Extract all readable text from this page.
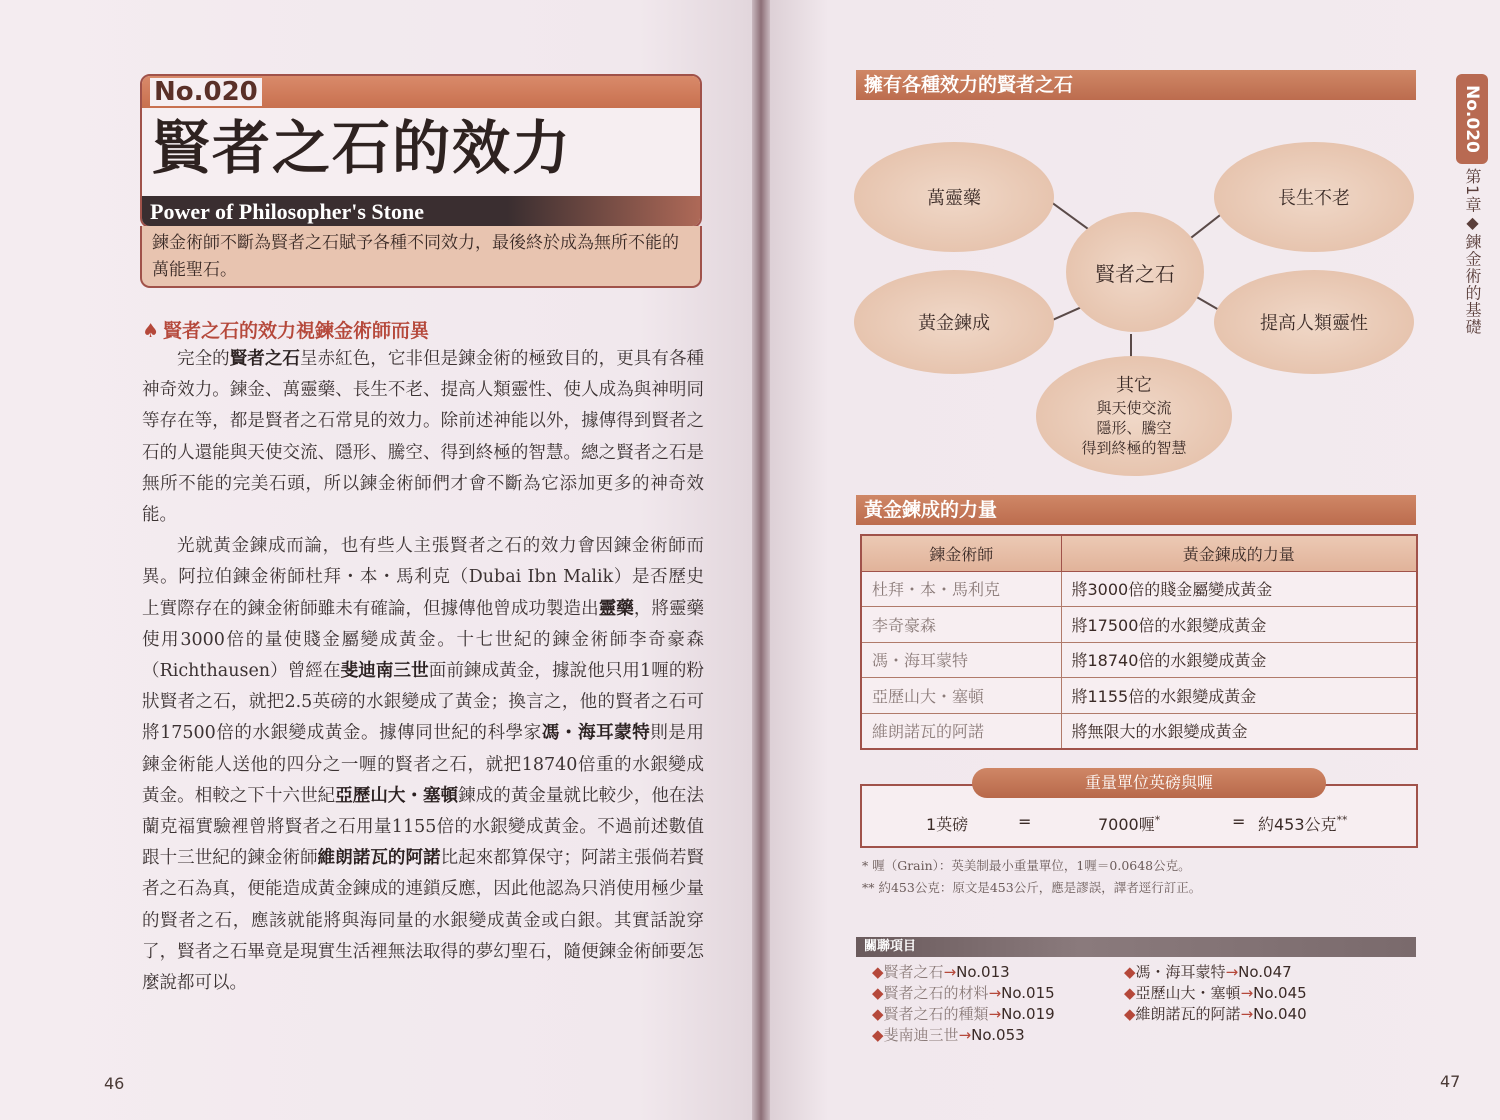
No.020
賢者之石的效力
Power of Philosopher's Stone
鍊金術師不斷為賢者之石賦予各種不同效力，最後終於成為無所不能的萬能聖石。
♠ 賢者之石的效力視鍊金術師而異

完全的賢者之石呈赤紅色，它非但是鍊金術的極致目的，更具有各種神奇效力。鍊金、萬靈藥、長生不老、提高人類靈性、使人成為與神明同等存在等，都是賢者之石常見的效力。除前述神能以外，據傳得到賢者之石的人還能與天使交流、隱形、騰空、得到終極的智慧。總之賢者之石是無所不能的完美石頭，所以鍊金術師們才會不斷為它添加更多的神奇效能。

光就黃金鍊成而論，也有些人主張賢者之石的效力會因鍊金術師而異。阿拉伯鍊金術師杜拜・本・馬利克（Dubai Ibn Malik）是否歷史上實際存在的鍊金術師雖未有確論，但據傳他曾成功製造出靈藥，將靈藥使用3000倍的量使賤金屬變成黃金。十七世紀的鍊金術師李奇豪森（Richthausen）曾經在斐迪南三世面前鍊成黃金，據說他只用1喱的粉狀賢者之石，就把2.5英磅的水銀變成了黃金；換言之，他的賢者之石可將17500倍的水銀變成黃金。據傳同世紀的科學家馮・海耳蒙特則是用鍊金術能人送他的四分之一喱的賢者之石，就把18740倍重的水銀變成黃金。相較之下十六世紀亞歷山大・塞頓鍊成的黃金量就比較少，他在法蘭克福實驗裡曾將賢者之石用量1155倍的水銀變成黃金。不過前述數值跟十三世紀的鍊金術師維朗諾瓦的阿諾比起來都算保守；阿諾主張倘若賢者之石為真，便能造成黃金鍊成的連鎖反應，因此他認為只消使用極少量的賢者之石，應該就能將與海同量的水銀變成黃金或白銀。其實話說穿了，賢者之石畢竟是現實生活裡無法取得的夢幻聖石，隨便鍊金術師要怎麼說都可以。

46
擁有各種效力的賢者之石
萬靈藥	長生不老
賢者之石
黃金鍊成	提高人類靈性
其它
與天使交流
隱形、騰空
得到終極的智慧
黃金鍊成的力量
鍊金術師	黃金鍊成的力量
杜拜・本・馬利克	將3000倍的賤金屬變成黃金
李奇豪森	將17500倍的水銀變成黃金
馮・海耳蒙特	將18740倍的水銀變成黃金
亞歷山大・塞頓	將1155倍的水銀變成黃金
維朗諾瓦的阿諾	將無限大的水銀變成黃金
1英磅	=	7000喱*	= 約453公克**
重量單位英磅與喱
* 喱（Grain）：英美制最小重量單位，1喱＝0.0648公克。
** 約453公克：原文是453公斤，應是謬誤，譯者逕行訂正。
關聯項目
◆賢者之石→No.013
◆賢者之石的材料→No.015
◆賢者之石的種類→No.019
◆斐南迪三世→No.053
◆馮・海耳蒙特→No.047
◆亞歷山大・塞頓→No.045
◆維朗諾瓦的阿諾→No.040
No.020
第1章◆鍊金術的基礎
47
